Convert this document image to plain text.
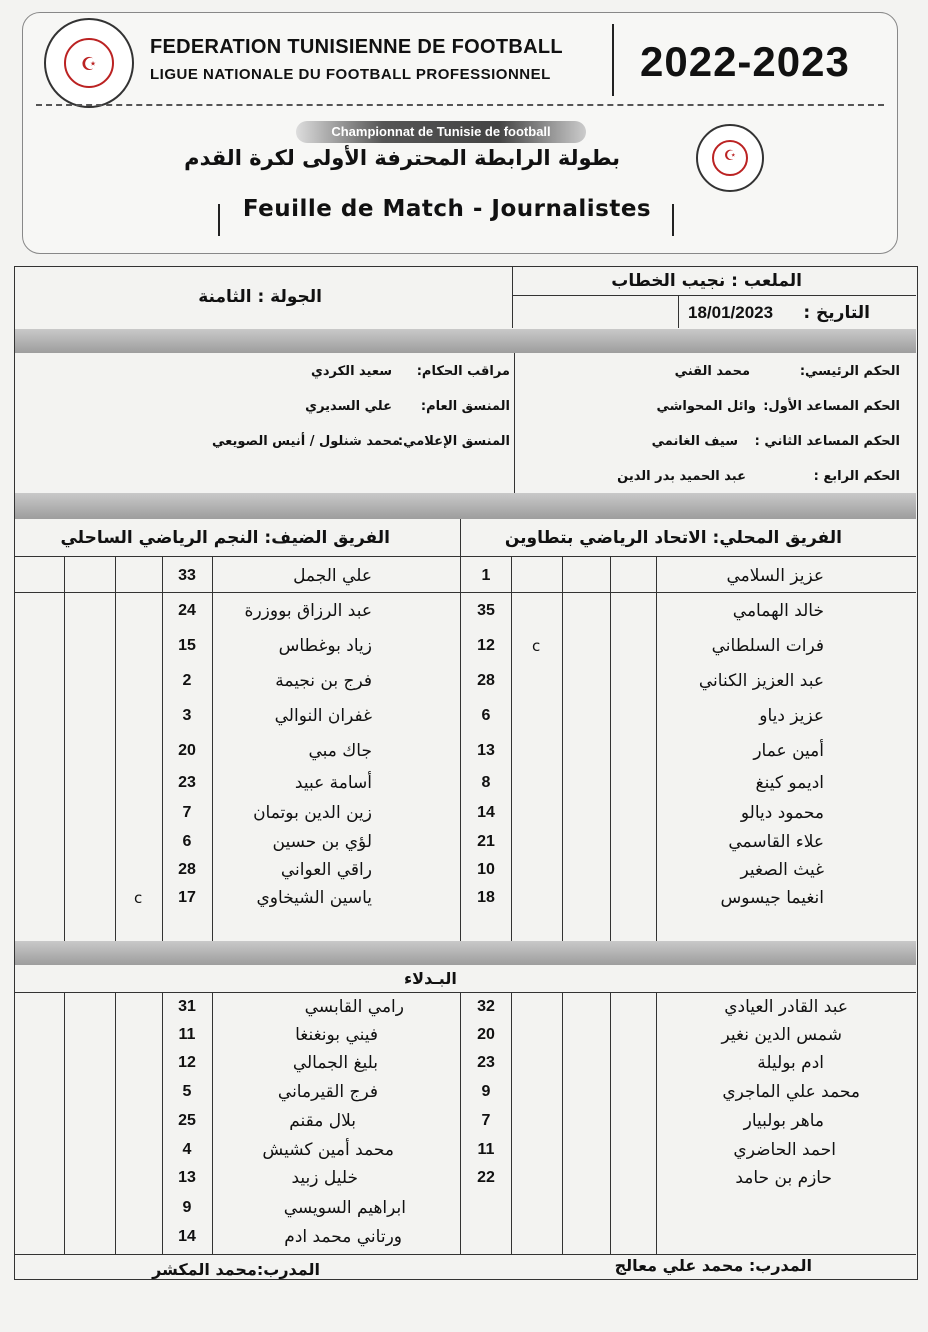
☪
FEDERATION TUNISIENNE DE FOOTBALL
LIGUE NATIONALE DU FOOTBALL PROFESSIONNEL 2022-2023
Championnat de Tunisie de football
بطولة الرابطة المحترفة الأولى لكرة القدم	☪
Feuille de Match - Journalistes
الملعب : نجيب الخطاب
التاريخ :
18/01/2023
الجولة : الثامنة
الحكم الرئيسي:
محمد القني
الحكم المساعد الأول:
وائل المحواشي
الحكم المساعد الثاني :
سيف الغانمي
الحكم الرابع :
عبد الحميد بدر الدين
مراقب الحكام:
سعيد الكردي
المنسق العام:
علي السديري
المنسق الإعلامي:
محمد شنلول / أنيس الصويعي
الفريق المحلي: الاتحاد الرياضي بتطاوين
الفريق الضيف: النجم الرياضي الساحلي
عزيز السلامي
1
خالد الهمامي
35
فرات السلطاني
12	c
عبد العزيز الكناني
28
عزيز دياو
6
أمين عمار
13
اديمو كينغ
8
محمود ديالو
14
علاء القاسمي
21
غيث الصغير
10
انغيما جيسوس
18
علي الجمل
33
عبد الرزاق بووزرة
24
زياد بوغطاس
15
فرج بن نجيمة
2
غفران النوالي
3
جاك مبي
20
أسامة عبيد
23
زين الدين بوتمان
7
لؤي بن حسين
6
راقي العواني
28
ياسين الشيخاوي
17
c
البـدلاء
عبد القادر العيادي
32
شمس الدين نغير
20
ادم بوليلة
23
محمد علي الماجري
9
ماهر بولبيار
7
احمد الحاضري
11
حازم بن حامد
22
رامي القابسي
31
فيني بونغنغا
11
بليغ الجمالي
12
فرج القيرماني
5
بلال مقنم
25
محمد أمين كشيش
4
خليل زبيد
13
ابراهيم السويسي
9
ورتاني محمد ادم
14
المدرب: محمد علي معالج
المدرب:محمد المكشر
